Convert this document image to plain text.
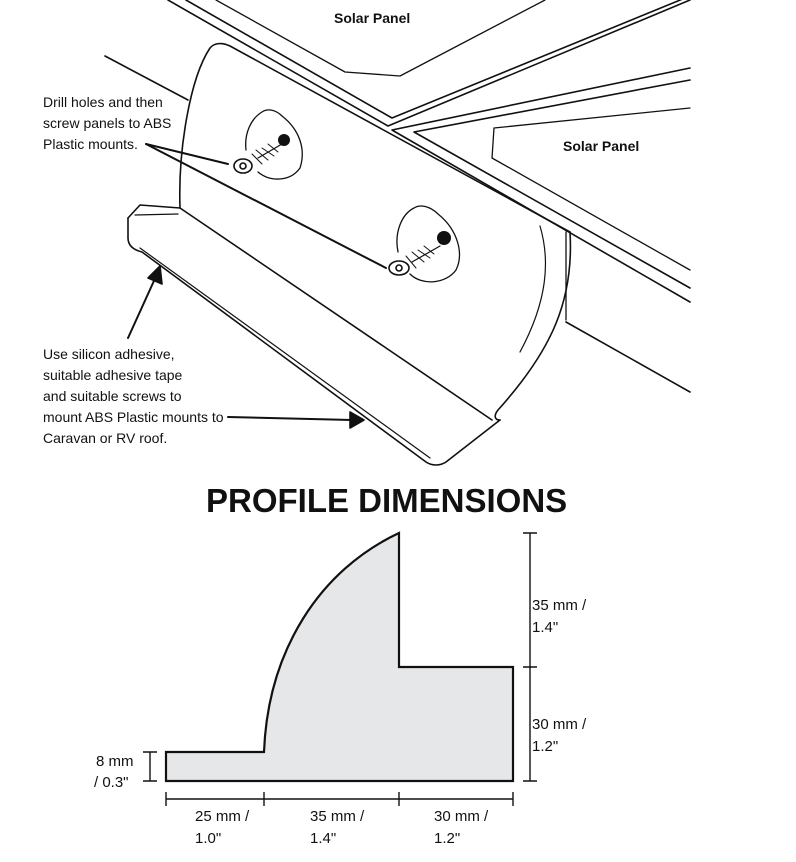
Solar Panel
Solar Panel
Drill holes and then
screw panels to ABS
Plastic mounts.
Use silicon adhesive,
suitable adhesive tape
and suitable screws to
mount ABS Plastic mounts to
Caravan or RV roof.
PROFILE DIMENSIONS
35 mm /
1.4"
30 mm /
1.2"
8 mm
/ 0.3"
25 mm /
1.0"
35 mm /
1.4"
30 mm /
1.2"
